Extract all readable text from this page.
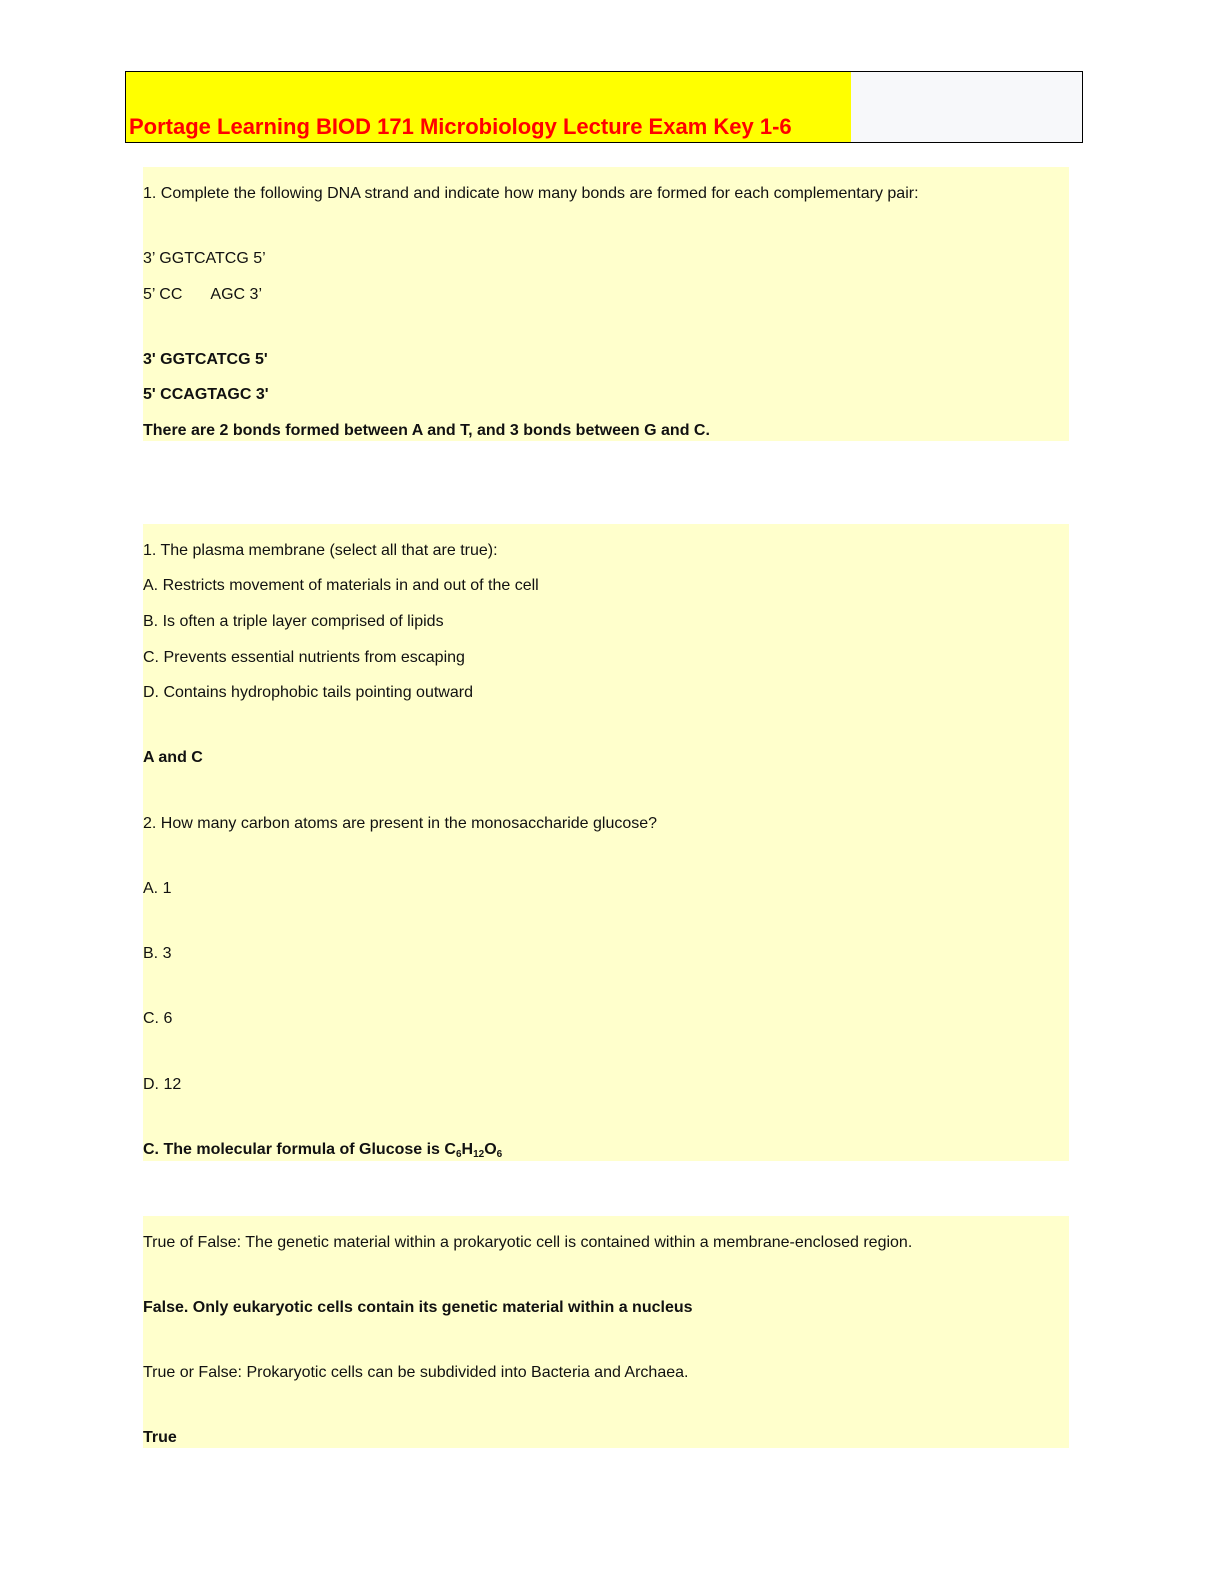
Portage Learning BIOD 171 Microbiology Lecture Exam Key 1-6
1. Complete the following DNA strand and indicate how many bonds are formed for each complementary pair:
3’ GGTCATCG 5’
5’ CC AGC 3’
3' GGTCATCG 5'
5' CCAGTAGC 3'
There are 2 bonds formed between A and T, and 3 bonds between G and C.
1. The plasma membrane (select all that are true):
A. Restricts movement of materials in and out of the cell
B. Is often a triple layer comprised of lipids
C. Prevents essential nutrients from escaping
D. Contains hydrophobic tails pointing outward
A and C
2. How many carbon atoms are present in the monosaccharide glucose?
A. 1
B. 3
C. 6
D. 12
C. The molecular formula of Glucose is $C_6H_{12}O_6$
True of False: The genetic material within a prokaryotic cell is contained within a membrane-enclosed region.
False. Only eukaryotic cells contain its genetic material within a nucleus
True or False: Prokaryotic cells can be subdivided into Bacteria and Archaea.
True
